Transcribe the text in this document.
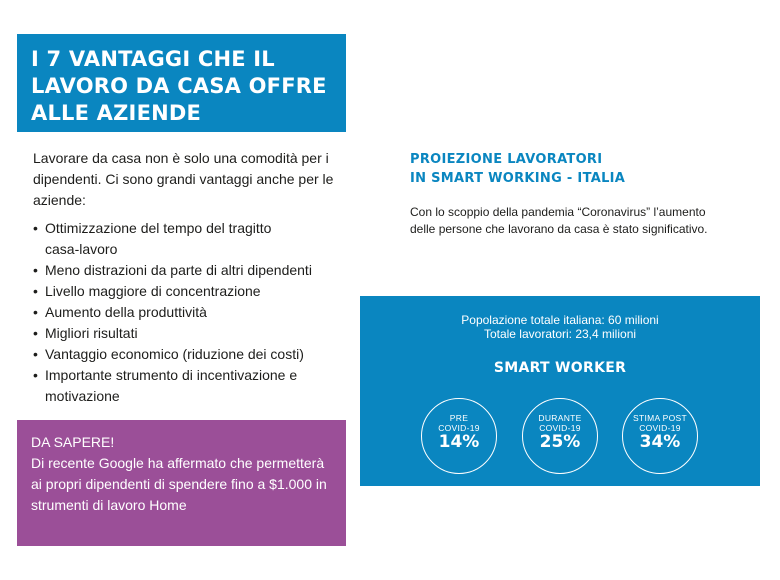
I 7 VANTAGGI CHE IL
LAVORO DA CASA OFFRE
ALLE AZIENDE
Lavorare da casa non è solo una comodità per i dipendenti. Ci sono grandi vantaggi anche per le aziende:
• Ottimizzazione del tempo del tragitto
casa-lavoro
• Meno distrazioni da parte di altri dipendenti
• Livello maggiore di concentrazione
• Aumento della produttività
• Migliori risultati
• Vantaggio economico (riduzione dei costi)
• Importante strumento di incentivazione e
motivazione
DA SAPERE!
Di recente Google ha affermato che permetterà ai propri dipendenti di spendere fino a $1.000 in strumenti di lavoro Home
PROIEZIONE LAVORATORI
IN SMART WORKING - ITALIA
Con lo scoppio della pandemia “Coronavirus” l’aumento delle persone che lavorano da casa è stato significativo.
Popolazione totale italiana: 60 milioni
Totale lavoratori: 23,4 milioni
SMART WORKER
PRE
COVID-19
14%
DURANTE
COVID-19
25%
STIMA POST
COVID-19
34%
